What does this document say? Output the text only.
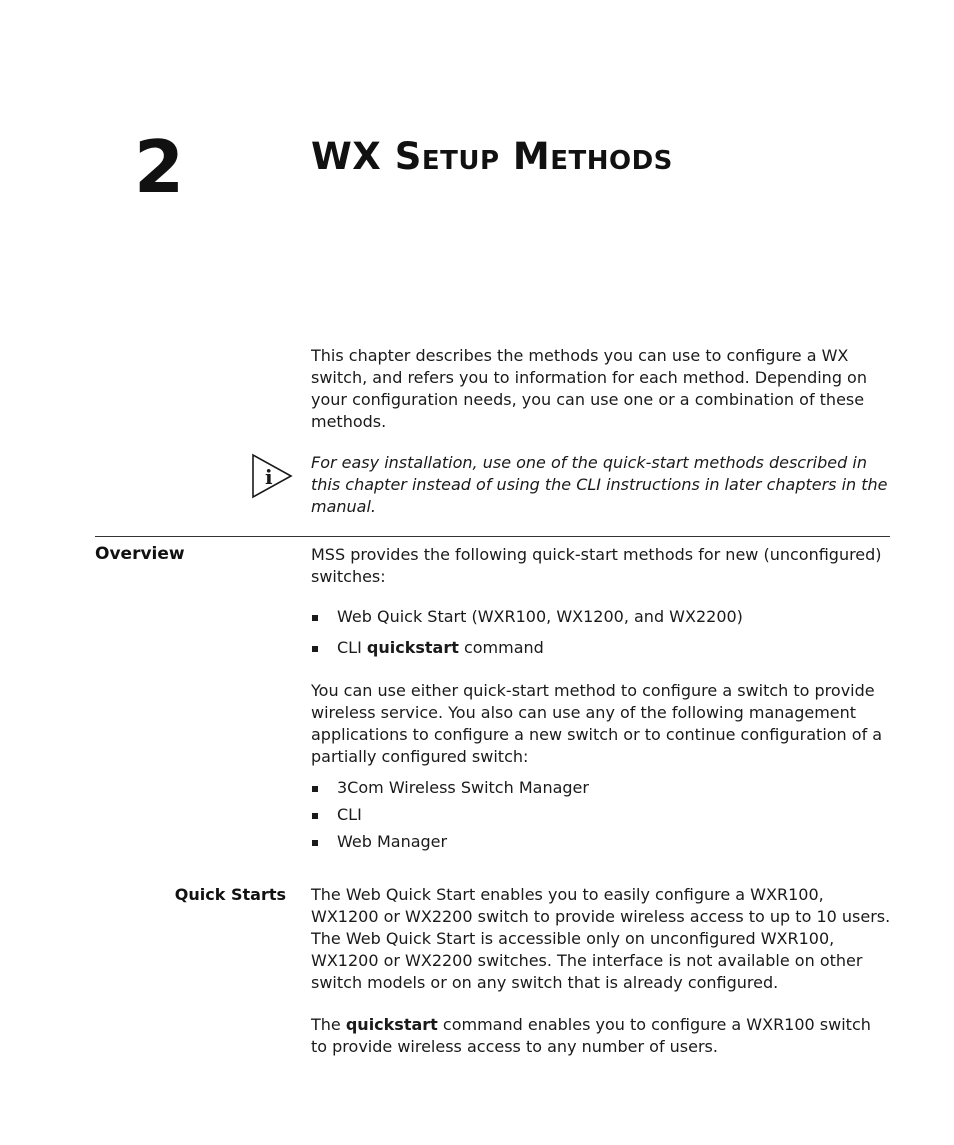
2	WX Setup Methods

This chapter describes the methods you can use to configure a WX switch, and refers you to information for each method. Depending on your configuration needs, you can use one or a combination of these methods.

i

For easy installation, use one of the quick-start methods described in this chapter instead of using the CLI instructions in later chapters in the manual.

Overview	MSS provides the following quick-start methods for new (unconfigured) switches:

Web Quick Start (WXR100, WX1200, and WX2200)
CLI quickstart command

You can use either quick-start method to configure a switch to provide wireless service. You also can use any of the following management applications to configure a new switch or to continue configuration of a partially configured switch:

3Com Wireless Switch Manager
CLI
Web Manager
Quick Starts The Web Quick Start enables you to easily configure a WXR100, WX1200 or WX2200 switch to provide wireless access to up to 10 users. The Web Quick Start is accessible only on unconfigured WXR100, WX1200 or WX2200 switches. The interface is not available on other switch models or on any switch that is already configured.

The quickstart command enables you to configure a WXR100 switch to provide wireless access to any number of users.
